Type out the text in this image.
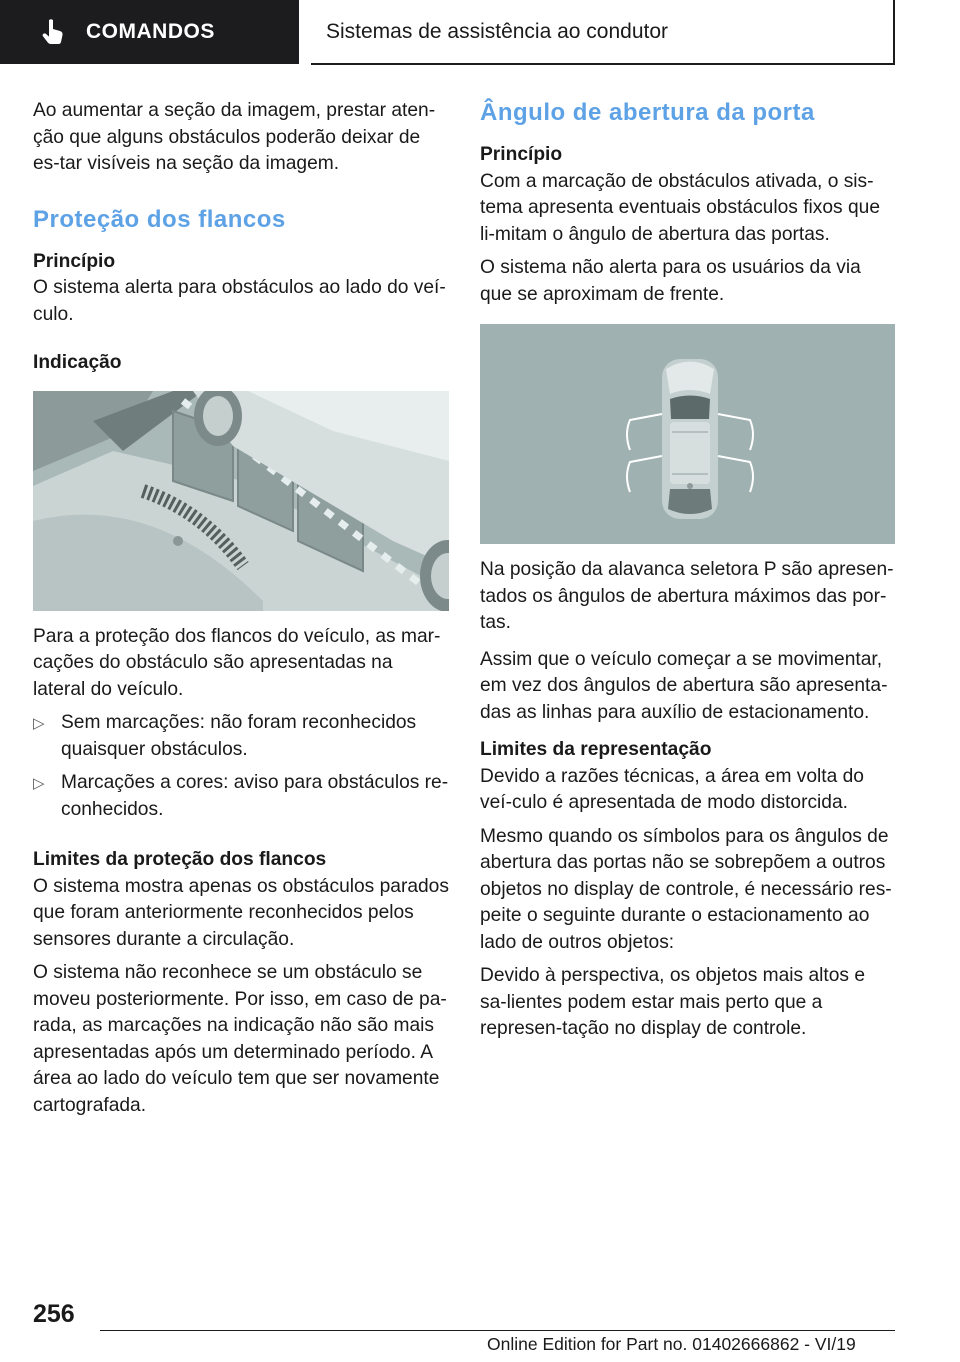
COMANDOS	Sistemas de assistência ao condutor

Ao aumentar a seção da imagem, prestar aten-ção que alguns obstáculos poderão deixar de es-tar visíveis na seção da imagem.

Proteção dos flancos
Princípio

O sistema alerta para obstáculos ao lado do veí-culo.

Indicação

Para a proteção dos flancos do veículo, as mar-cações do obstáculo são apresentadas na lateral do veículo.

▷ Sem marcações: não foram reconhecidos quaisquer obstáculos.
▷ Marcações a cores: aviso para obstáculos re-conhecidos.
Limites da proteção dos flancos

O sistema mostra apenas os obstáculos parados que foram anteriormente reconhecidos pelos sensores durante a circulação.

O sistema não reconhece se um obstáculo se moveu posteriormente. Por isso, em caso de pa-rada, as marcações na indicação não são mais apresentadas após um determinado período. A área ao lado do veículo tem que ser novamente cartografada.

Ângulo de abertura da porta
Princípio

Com a marcação de obstáculos ativada, o sis-tema apresenta eventuais obstáculos fixos que li-mitam o ângulo de abertura das portas.

O sistema não alerta para os usuários da via que se aproximam de frente.

Na posição da alavanca seletora P são apresen-tados os ângulos de abertura máximos das por-tas.

Assim que o veículo começar a se movimentar, em vez dos ângulos de abertura são apresenta-das as linhas para auxílio de estacionamento.

Limites da representação

Devido a razões técnicas, a área em volta do veí-culo é apresentada de modo distorcida.

Mesmo quando os símbolos para os ângulos de abertura das portas não se sobrepõem a outros objetos no display de controle, é necessário res-peite o seguinte durante o estacionamento ao lado de outros objetos:

Devido à perspectiva, os objetos mais altos e sa-lientes podem estar mais perto que a represen-tação no display de controle.

256
Online Edition for Part no. 01402666862 - VI/19
